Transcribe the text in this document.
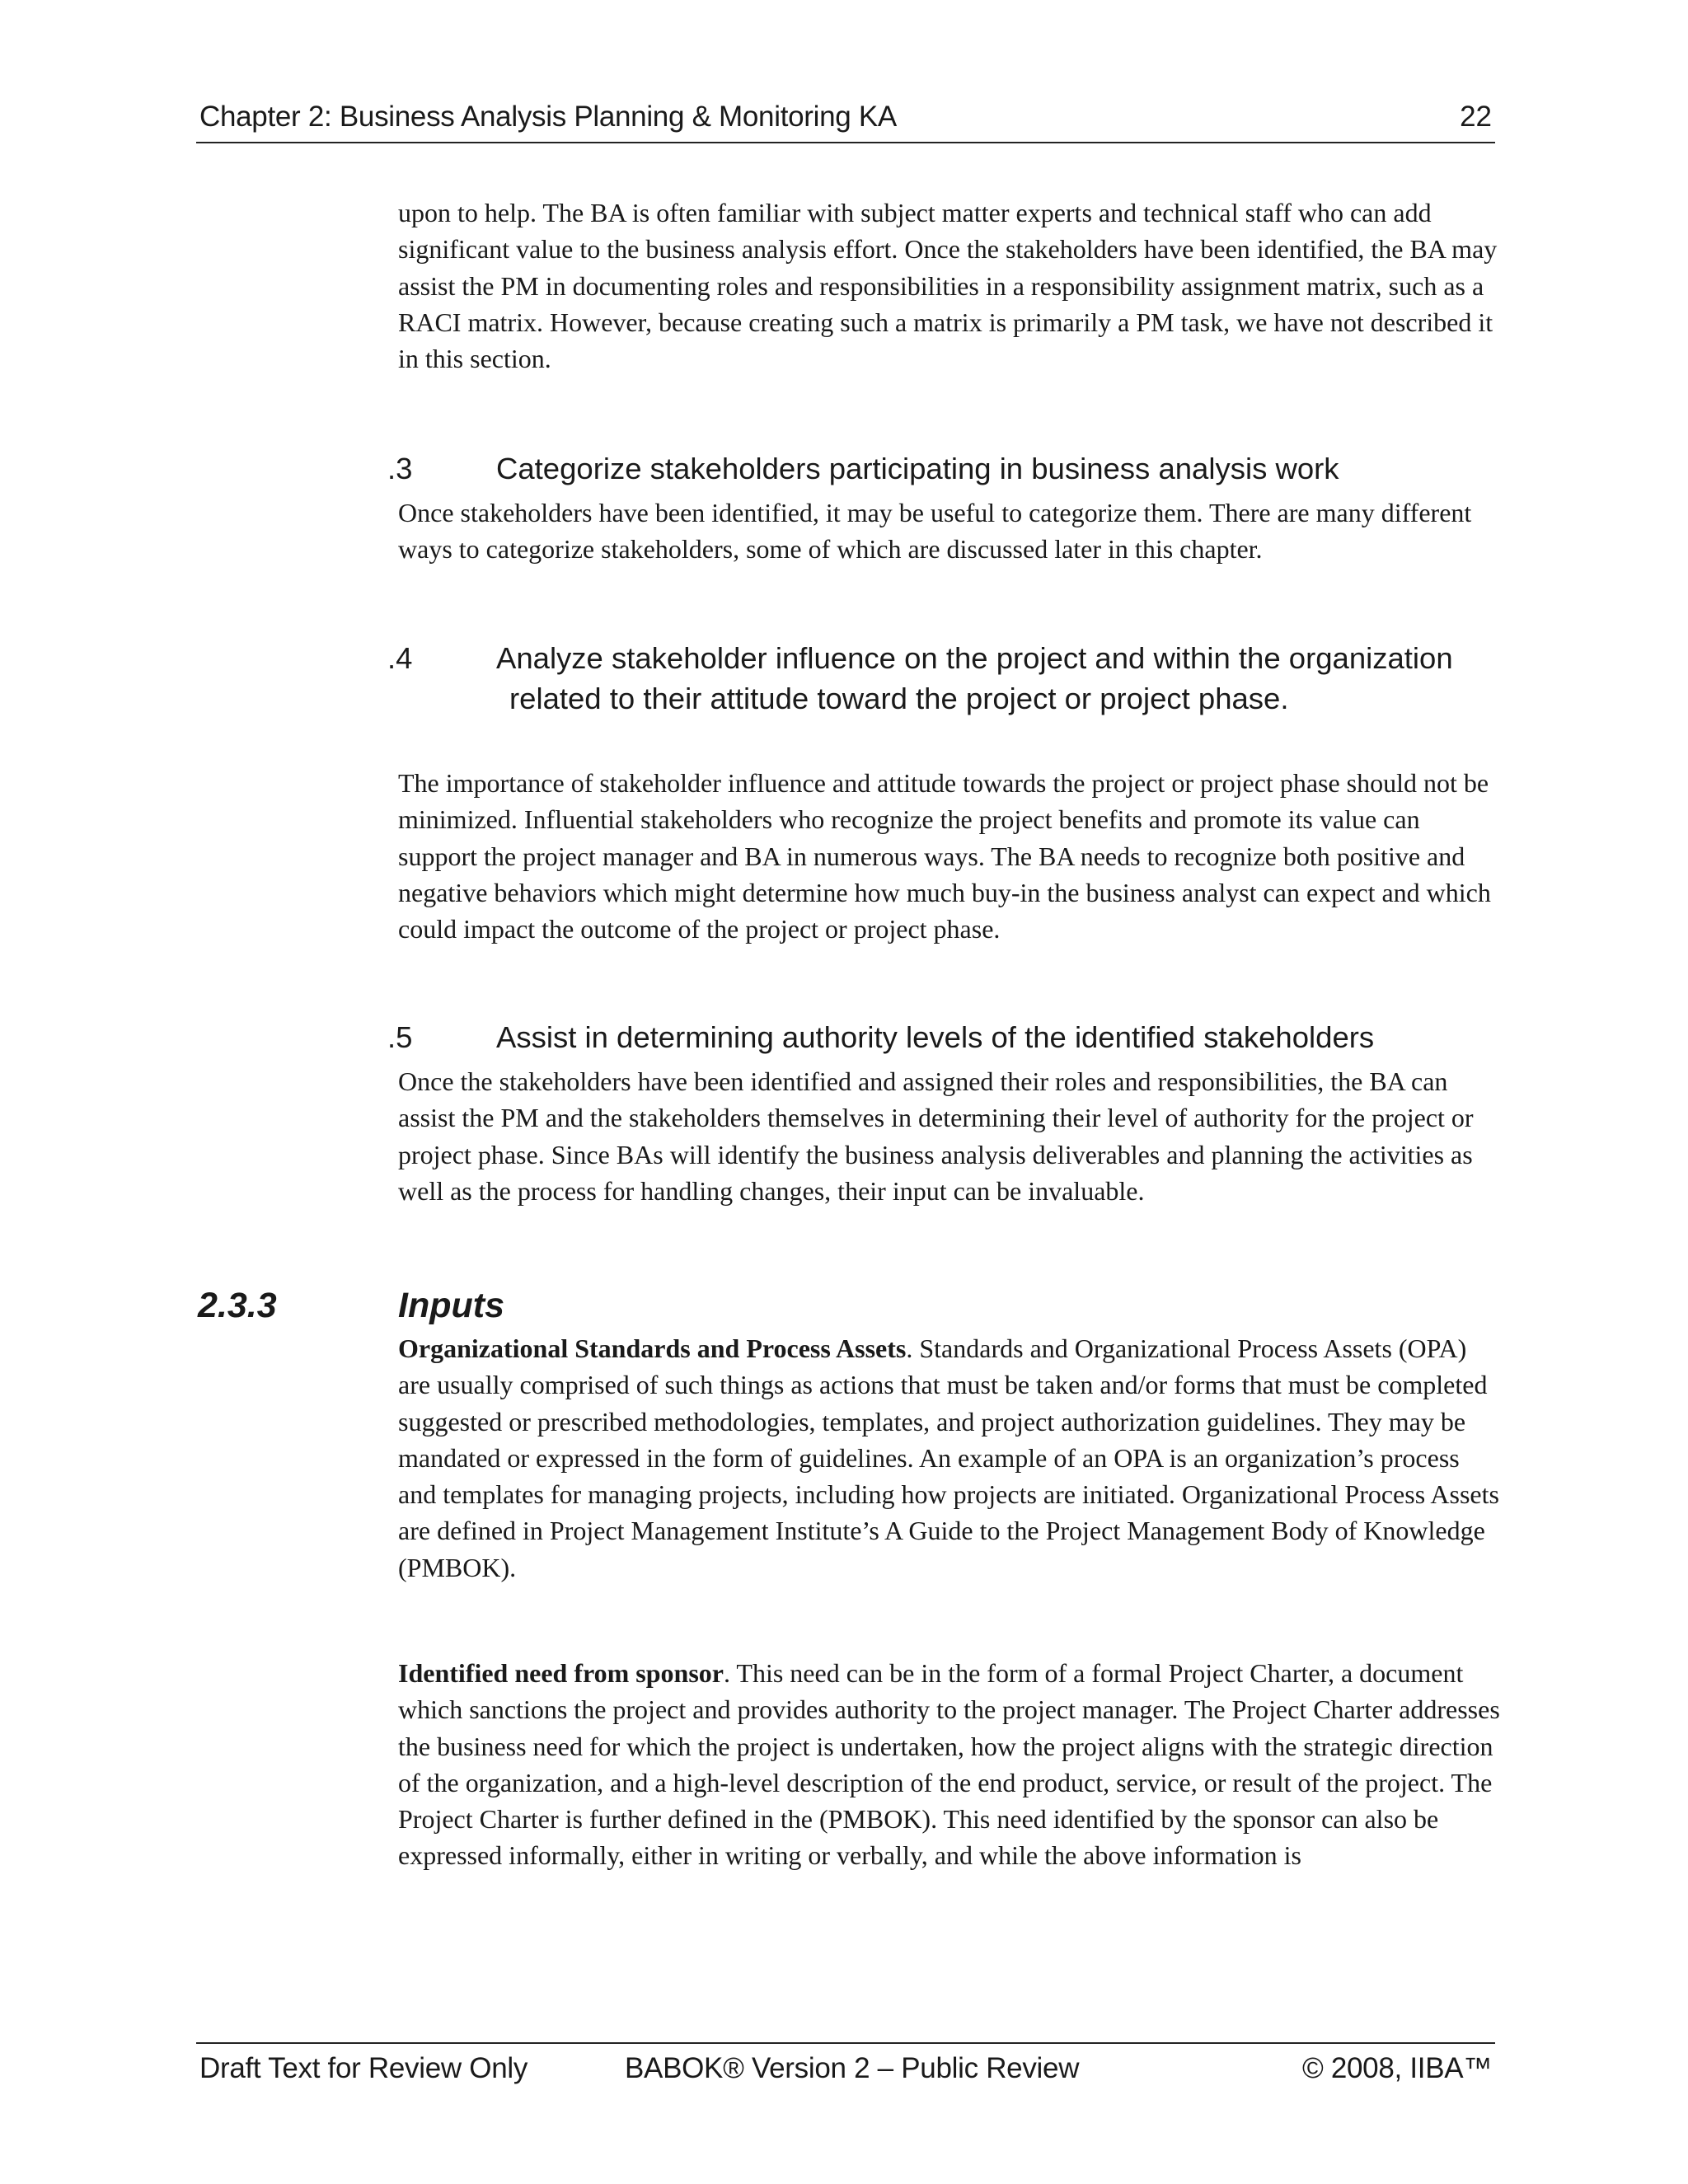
Chapter 2: Business Analysis Planning & Monitoring KA	22

upon to help. The BA is often familiar with subject matter experts and technical staff who can add significant value to the business analysis effort. Once the stakeholders have been identified, the BA may assist the PM in documenting roles and responsibilities in a responsibility assignment matrix, such as a RACI matrix. However, because creating such a matrix is primarily a PM task, we have not described it in this section.

.3	Categorize stakeholders participating in business analysis work

Once stakeholders have been identified, it may be useful to categorize them. There are many different ways to categorize stakeholders, some of which are discussed later in this chapter.

.4	Analyze stakeholder influence on the project and within the organization related to their attitude toward the project or project phase.

The importance of stakeholder influence and attitude towards the project or project phase should not be minimized. Influential stakeholders who recognize the project benefits and promote its value can support the project manager and BA in numerous ways. The BA needs to recognize both positive and negative behaviors which might determine how much buy-in the business analyst can expect and which could impact the outcome of the project or project phase.

.5	Assist in determining authority levels of the identified stakeholders

Once the stakeholders have been identified and assigned their roles and responsibilities, the BA can assist the PM and the stakeholders themselves in determining their level of authority for the project or project phase. Since BAs will identify the business analysis deliverables and planning the activities as well as the process for handling changes, their input can be invaluable.

2.3.3	Inputs

Organizational Standards and Process Assets. Standards and Organizational Process Assets (OPA) are usually comprised of such things as actions that must be taken and/or forms that must be completed suggested or prescribed methodologies, templates, and project authorization guidelines. They may be mandated or expressed in the form of guidelines. An example of an OPA is an organization’s process and templates for managing projects, including how projects are initiated. Organizational Process Assets are defined in Project Management Institute’s A Guide to the Project Management Body of Knowledge (PMBOK).

Identified need from sponsor. This need can be in the form of a formal Project Charter, a document which sanctions the project and provides authority to the project manager. The Project Charter addresses the business need for which the project is undertaken, how the project aligns with the strategic direction of the organization, and a high-level description of the end product, service, or result of the project. The Project Charter is further defined in the (PMBOK). This need identified by the sponsor can also be expressed informally, either in writing or verbally, and while the above information is

Draft Text for Review Only	BABOK® Version 2 – Public Review	© 2008, IIBA™
